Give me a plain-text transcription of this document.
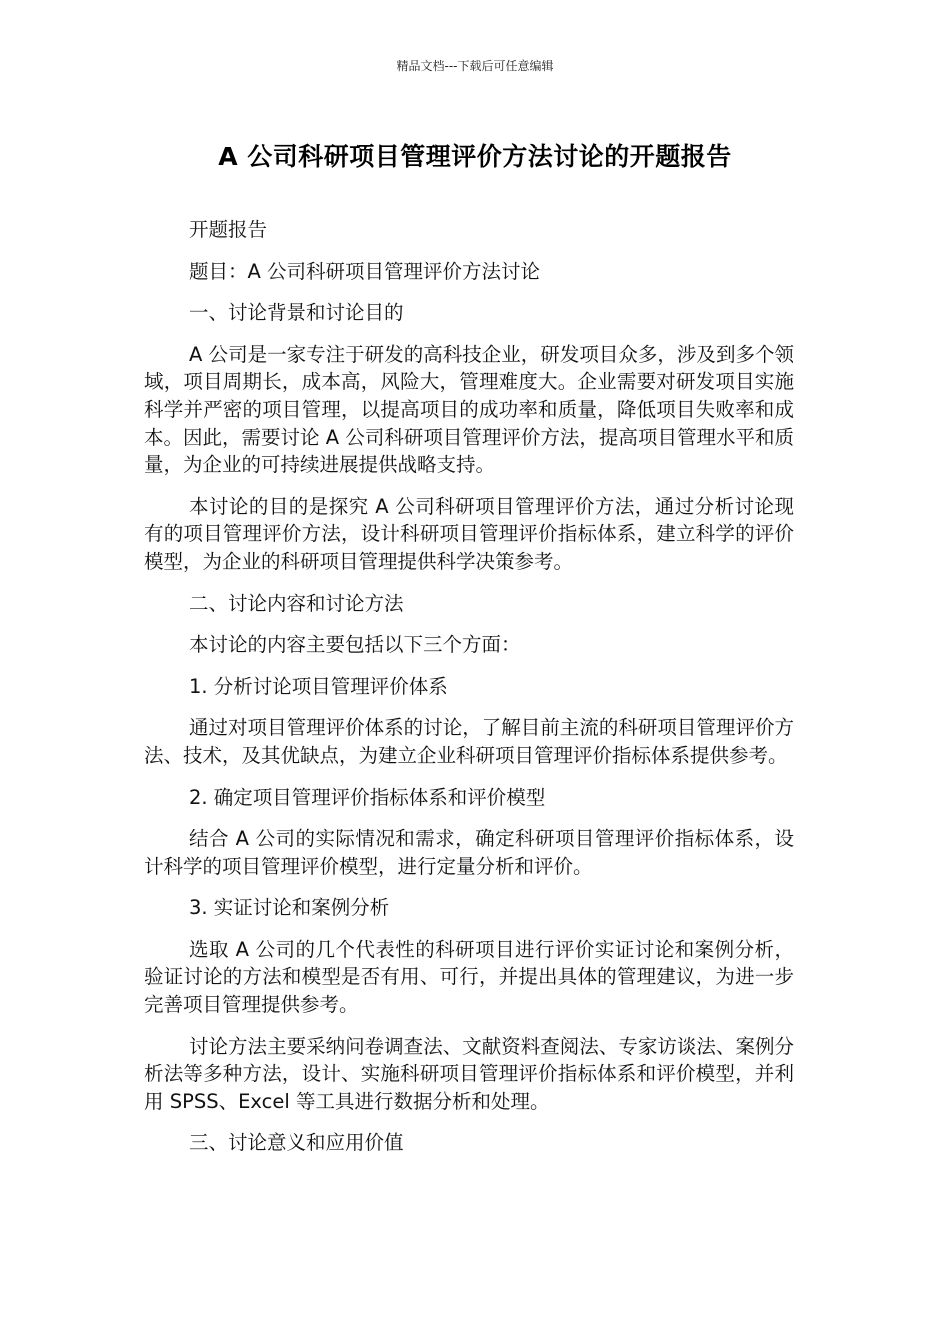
精品文档---下载后可任意编辑
A 公司科研项目管理评价方法讨论的开题报告

开题报告

题目：A 公司科研项目管理评价方法讨论

一、讨论背景和讨论目的

A 公司是一家专注于研发的高科技企业，研发项目众多，涉及到多个领域，项目周期长，成本高，风险大，管理难度大。企业需要对研发项目实施科学并严密的项目管理，以提高项目的成功率和质量，降低项目失败率和成本。因此，需要讨论 A 公司科研项目管理评价方法，提高项目管理水平和质量，为企业的可持续进展提供战略支持。

本讨论的目的是探究 A 公司科研项目管理评价方法，通过分析讨论现有的项目管理评价方法，设计科研项目管理评价指标体系，建立科学的评价模型，为企业的科研项目管理提供科学决策参考。

二、讨论内容和讨论方法

本讨论的内容主要包括以下三个方面：

1. 分析讨论项目管理评价体系

通过对项目管理评价体系的讨论，了解目前主流的科研项目管理评价方法、技术，及其优缺点，为建立企业科研项目管理评价指标体系提供参考。

2. 确定项目管理评价指标体系和评价模型

结合 A 公司的实际情况和需求，确定科研项目管理评价指标体系，设计科学的项目管理评价模型，进行定量分析和评价。

3. 实证讨论和案例分析

选取 A 公司的几个代表性的科研项目进行评价实证讨论和案例分析，验证讨论的方法和模型是否有用、可行，并提出具体的管理建议，为进一步完善项目管理提供参考。

讨论方法主要采纳问卷调查法、文献资料查阅法、专家访谈法、案例分析法等多种方法，设计、实施科研项目管理评价指标体系和评价模型，并利用 SPSS、Excel 等工具进行数据分析和处理。

三、讨论意义和应用价值
